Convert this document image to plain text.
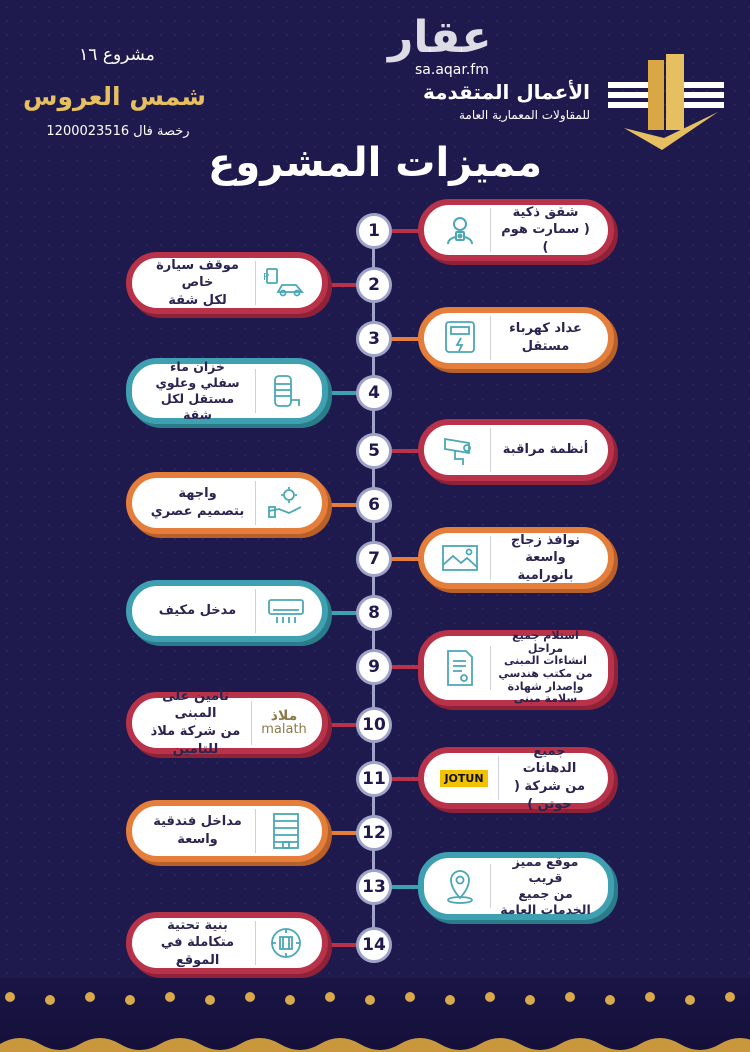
عقار
sa.aqar.fm
الأعمال المتقدمة
للمقاولات المعمارية العامة
مشروع ١٦
شمس العروس
رخصة فال 1200023516
مميزات المشروع
1
شقق ذكية
( سمارت هوم )
2
P
موقف سيارة خاص
لكل شقة
3
عداد كهرباء
مستقل
4
خزان ماء
سفلي وعلوي
مستقل لكل شقة
5	أنظمة مراقبة
6
واجهة
بتصميم عصري
7
نوافذ زجاج
واسعة بانورامية
8
مدخل مكيف
9
استلام جميع مراحل
انشاءات المبنى
من مكتب هندسي
وإصدار شهادة
سلامة مبنى
10
ملاذ
malath
تأمين على المبنى
من شركة ملاذ للتامين
11
جميع الدهانات
من شركة ( جوتن )
JOTUN
12
مداخل فندقية واسعة
13
موقع مميز قريب
من جميع
الخدمات العامة
14
بنية تحتية
متكاملة في الموقع
